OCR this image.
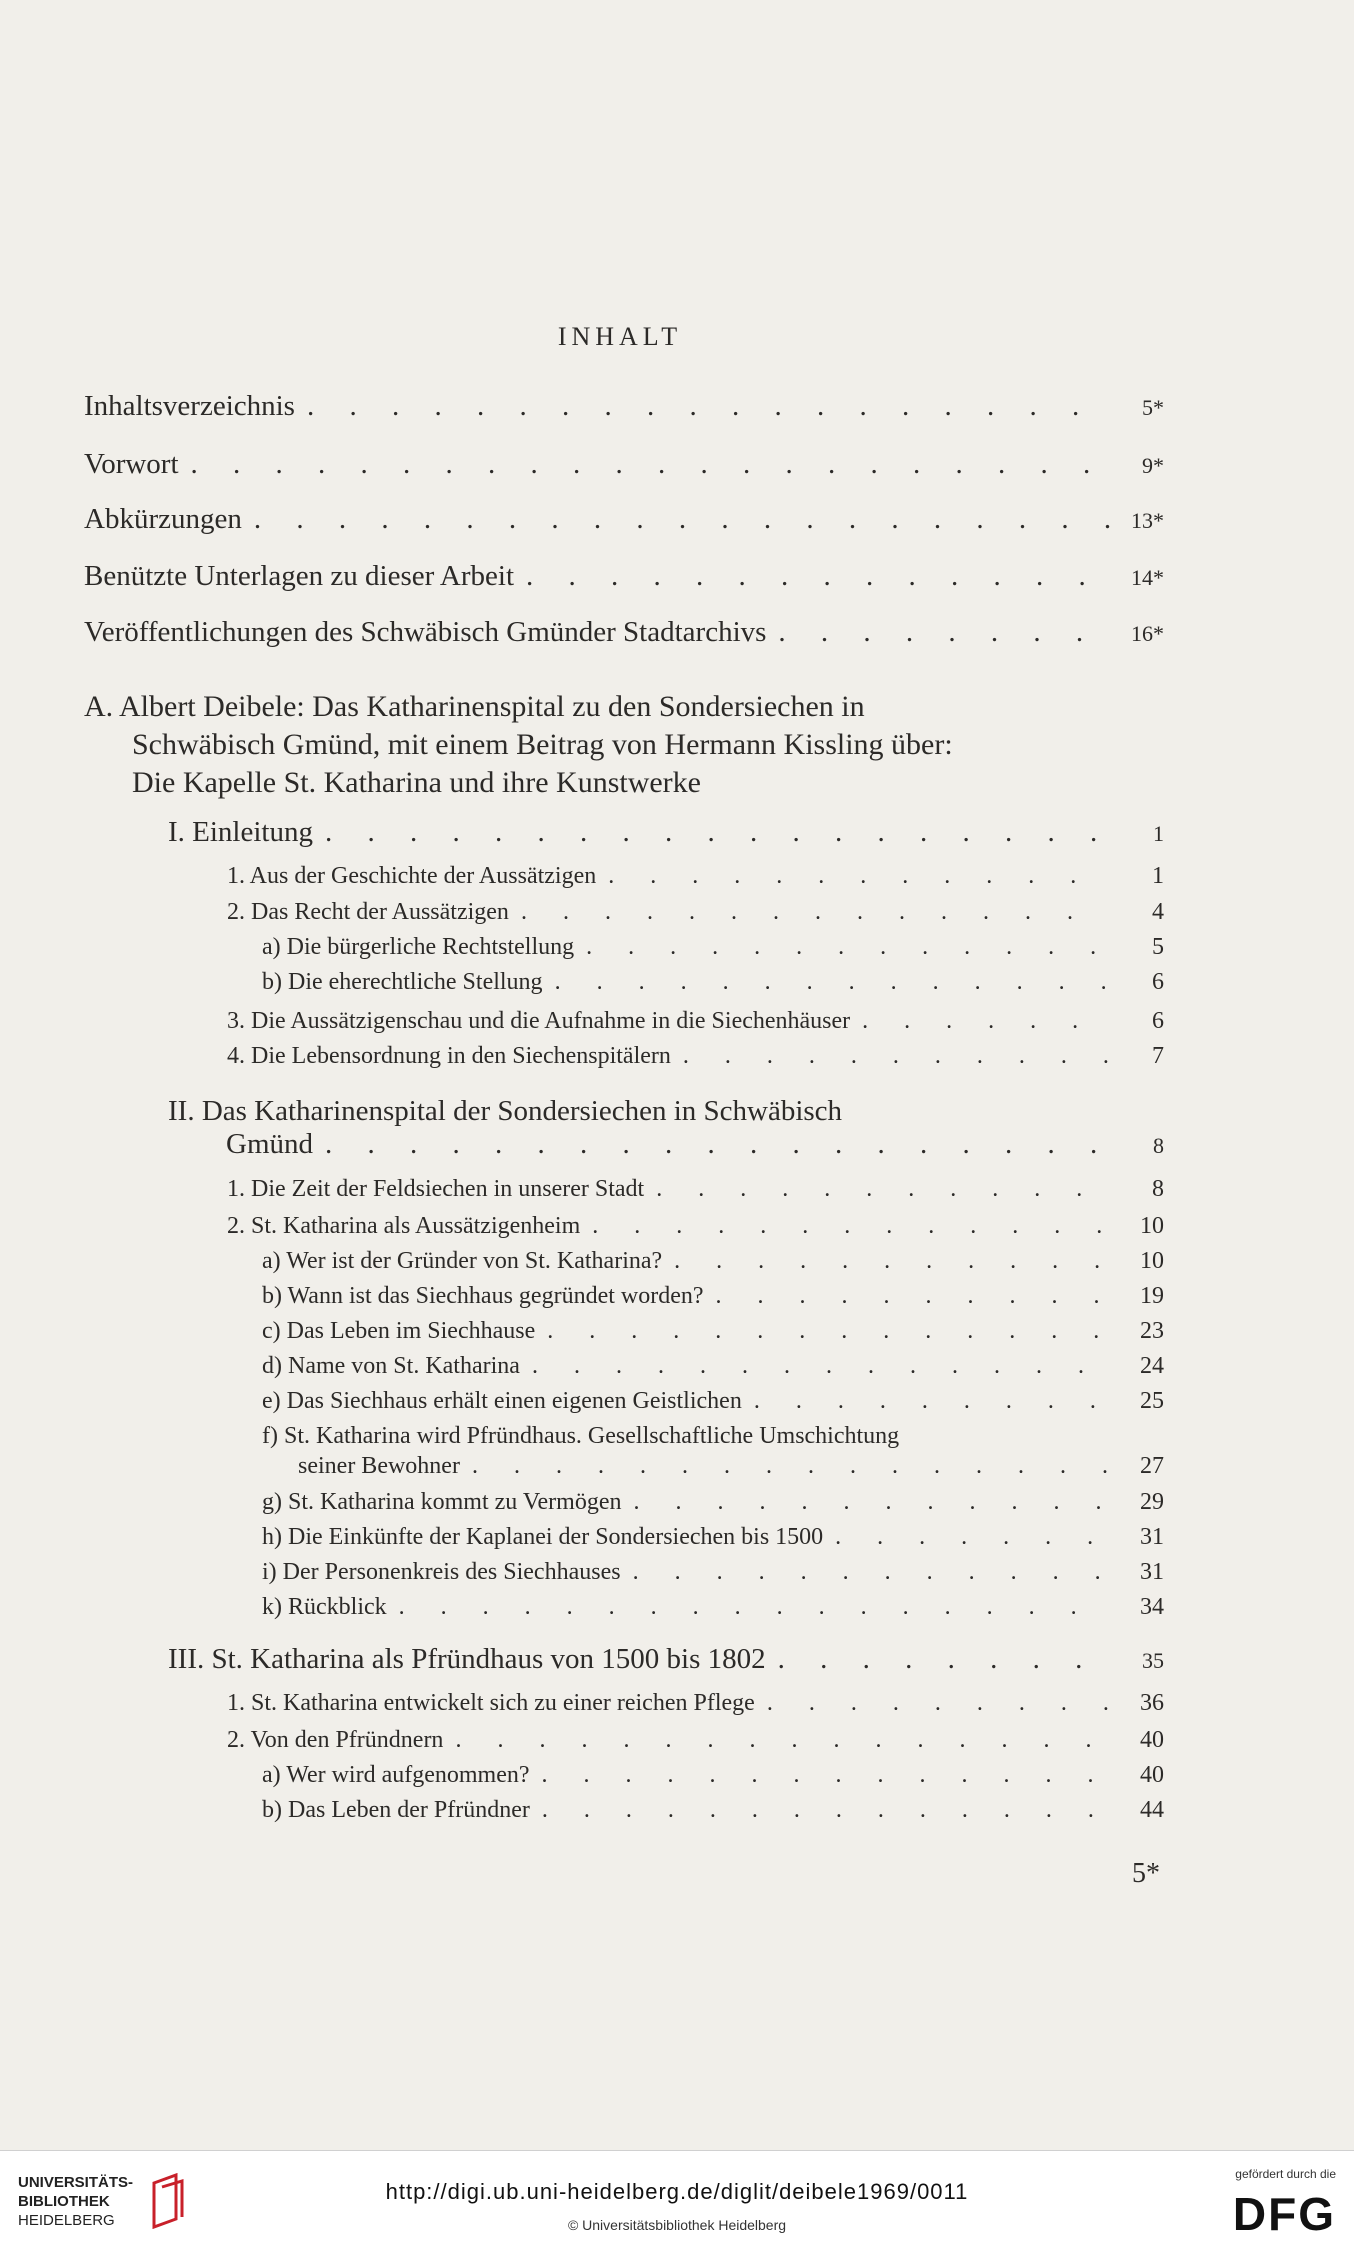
INHALT
Inhaltsverzeichnis . . .	5*
Vorwort . . .	9*
Abkürzungen . . .	13*
Benützte Unterlagen zu dieser Arbeit . . .	14*
Veröffentlichungen des Schwäbisch Gmünder Stadtarchivs . . .	16*
A. Albert Deibele: Das Katharinenspital zu den Sondersiechen in
Schwäbisch Gmünd, mit einem Beitrag von Hermann Kissling über:
Die Kapelle St. Katharina und ihre Kunstwerke
I. Einleitung . . .	1
1. Aus der Geschichte der Aussätzigen . . .	1
2. Das Recht der Aussätzigen . . .	4
a) Die bürgerliche Rechtstellung . . .	5
b) Die eherechtliche Stellung . . .	6
3. Die Aussätzigenschau und die Aufnahme in die Siechenhäuser . . .	6
4. Die Lebensordnung in den Siechenspitälern . . .	7
II. Das Katharinenspital der Sondersiechen in Schwäbisch
Gmünd . . .	8
1. Die Zeit der Feldsiechen in unserer Stadt . . .	8
2. St. Katharina als Aussätzigenheim . . .	10
a) Wer ist der Gründer von St. Katharina? . . .	10
b) Wann ist das Siechhaus gegründet worden? . . .	19
c) Das Leben im Siechhause . . .	23
d) Name von St. Katharina . . .	24
e) Das Siechhaus erhält einen eigenen Geistlichen . . .	25
f) St. Katharina wird Pfründhaus. Gesellschaftliche Umschichtung
seiner Bewohner . . .	27
g) St. Katharina kommt zu Vermögen . . .	29
h) Die Einkünfte der Kaplanei der Sondersiechen bis 1500 . . .	31
i) Der Personenkreis des Siechhauses . . .	31
k) Rückblick . . .	34
III. St. Katharina als Pfründhaus von 1500 bis 1802 . . .	35
1. St. Katharina entwickelt sich zu einer reichen Pflege . . .	36
2. Von den Pfründnern . . .	40
a) Wer wird aufgenommen? . . .	40
b) Das Leben der Pfründner . . .	44
5*
UNIVERSITÄTS-
BIBLIOTHEK
HEIDELBERG
http://digi.ub.uni-heidelberg.de/diglit/deibele1969/0011
© Universitätsbibliothek Heidelberg
gefördert durch die
DFG
